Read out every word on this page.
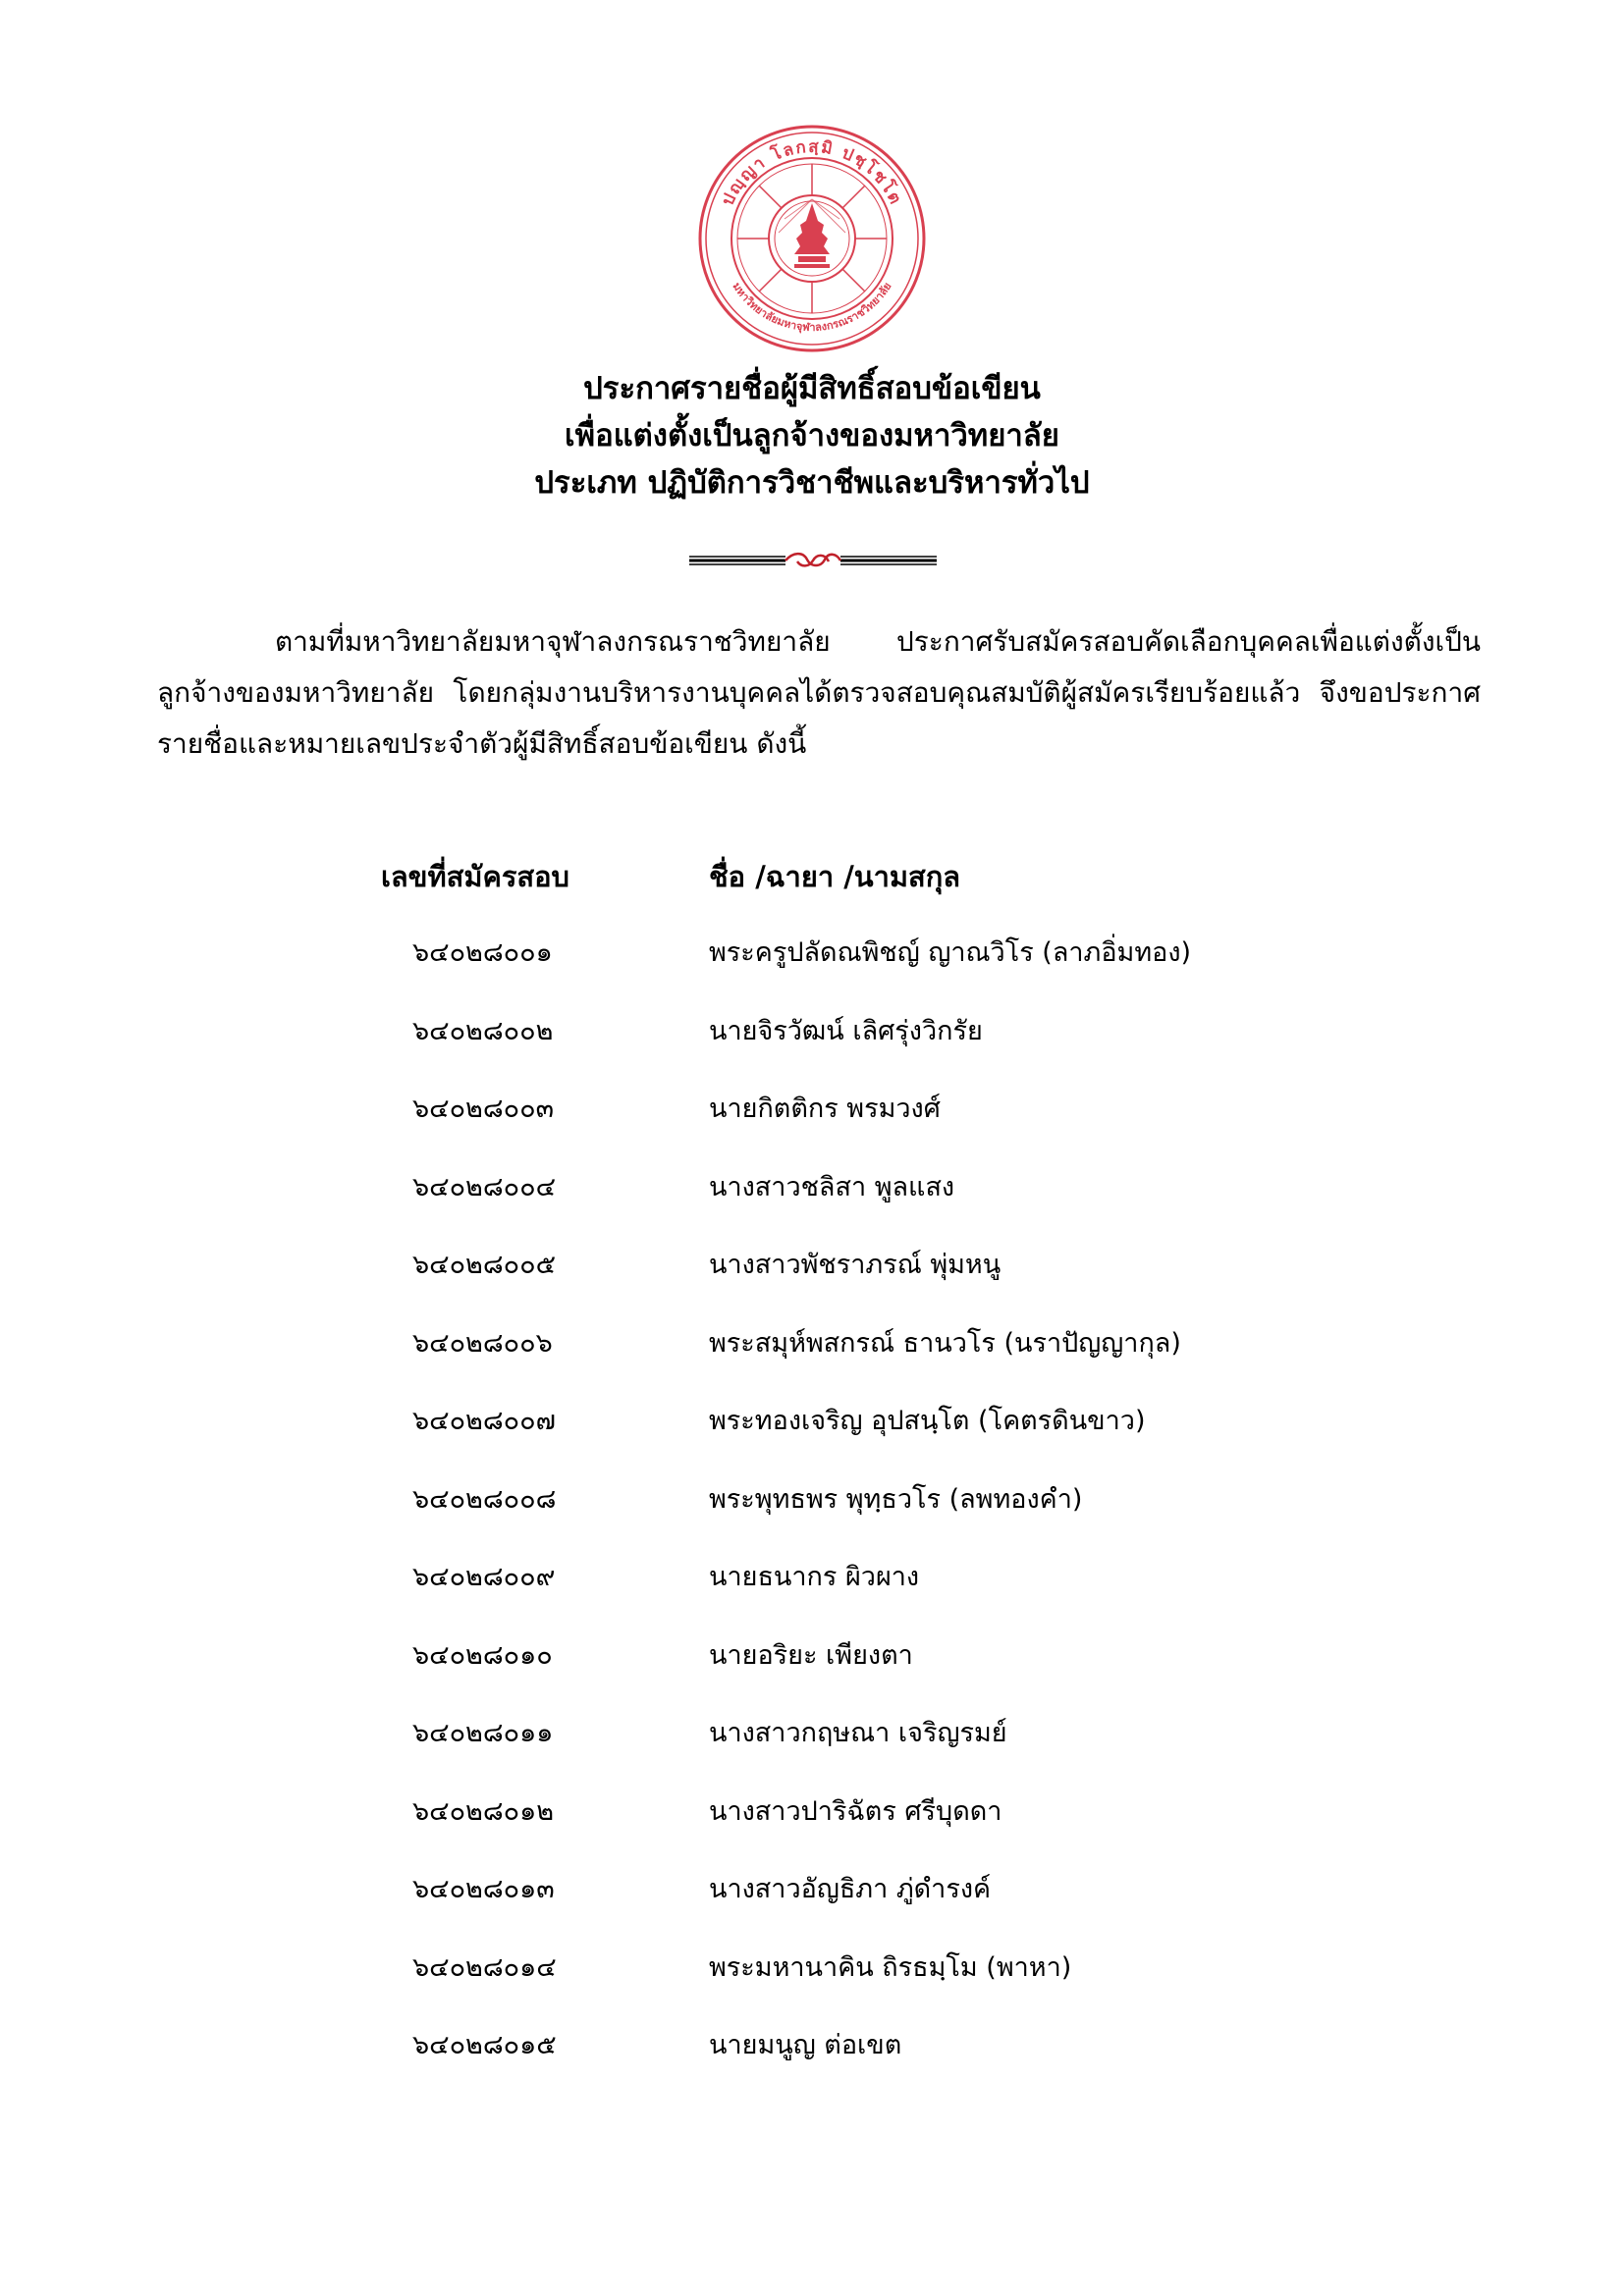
ปญฺญา โลกสฺมิ ปชฺโชโต
มหาวิทยาลัยมหาจุฬาลงกรณราชวิทยาลัย
ประกาศรายชื่อผู้มีสิทธิ์สอบข้อเขียน
เพื่อแต่งตั้งเป็นลูกจ้างของมหาวิทยาลัย
ประเภท ปฏิบัติการวิชาชีพและบริหารทั่วไป
ตามที่มหาวิทยาลัยมหาจุฬาลงกรณราชวิทยาลัย ประกาศรับสมัครสอบคัดเลือกบุคคลเพื่อแต่งตั้งเป็นลูกจ้างของมหาวิทยาลัย โดยกลุ่มงานบริหารงานบุคคลได้ตรวจสอบคุณสมบัติผู้สมัครเรียบร้อยแล้ว จึงขอประกาศรายชื่อและหมายเลขประจำตัวผู้มีสิทธิ์สอบข้อเขียน ดังนี้
เลขที่สมัครสอบ	ชื่อ /ฉายา /นามสกุล
๖๔๐๒๘๐๐๑	พระครูปลัดณพิชญ์ ญาณวิโร (ลาภอิ่มทอง)
๖๔๐๒๘๐๐๒	นายจิรวัฒน์ เลิศรุ่งวิกรัย
๖๔๐๒๘๐๐๓	นายกิตติกร พรมวงศ์
๖๔๐๒๘๐๐๔	นางสาวชลิสา พูลแสง
๖๔๐๒๘๐๐๕	นางสาวพัชราภรณ์ พุ่มหนู
๖๔๐๒๘๐๐๖	พระสมุห์พสกรณ์ ธานวโร (นราปัญญากุล)
๖๔๐๒๘๐๐๗	พระทองเจริญ อุปสนฺโต (โคตรดินขาว)
๖๔๐๒๘๐๐๘	พระพุทธพร พุทฺธวโร (ลพทองคำ)
๖๔๐๒๘๐๐๙	นายธนากร ผิวผาง
๖๔๐๒๘๐๑๐	นายอริยะ เพียงตา
๖๔๐๒๘๐๑๑	นางสาวกฤษณา เจริญรมย์
๖๔๐๒๘๐๑๒	นางสาวปาริฉัตร ศรีบุดดา
๖๔๐๒๘๐๑๓	นางสาวอัญธิภา ภู่ดำรงค์
๖๔๐๒๘๐๑๔	พระมหานาคิน ถิรธมฺโม (พาหา)
๖๔๐๒๘๐๑๕	นายมนูญ ต่อเขต
